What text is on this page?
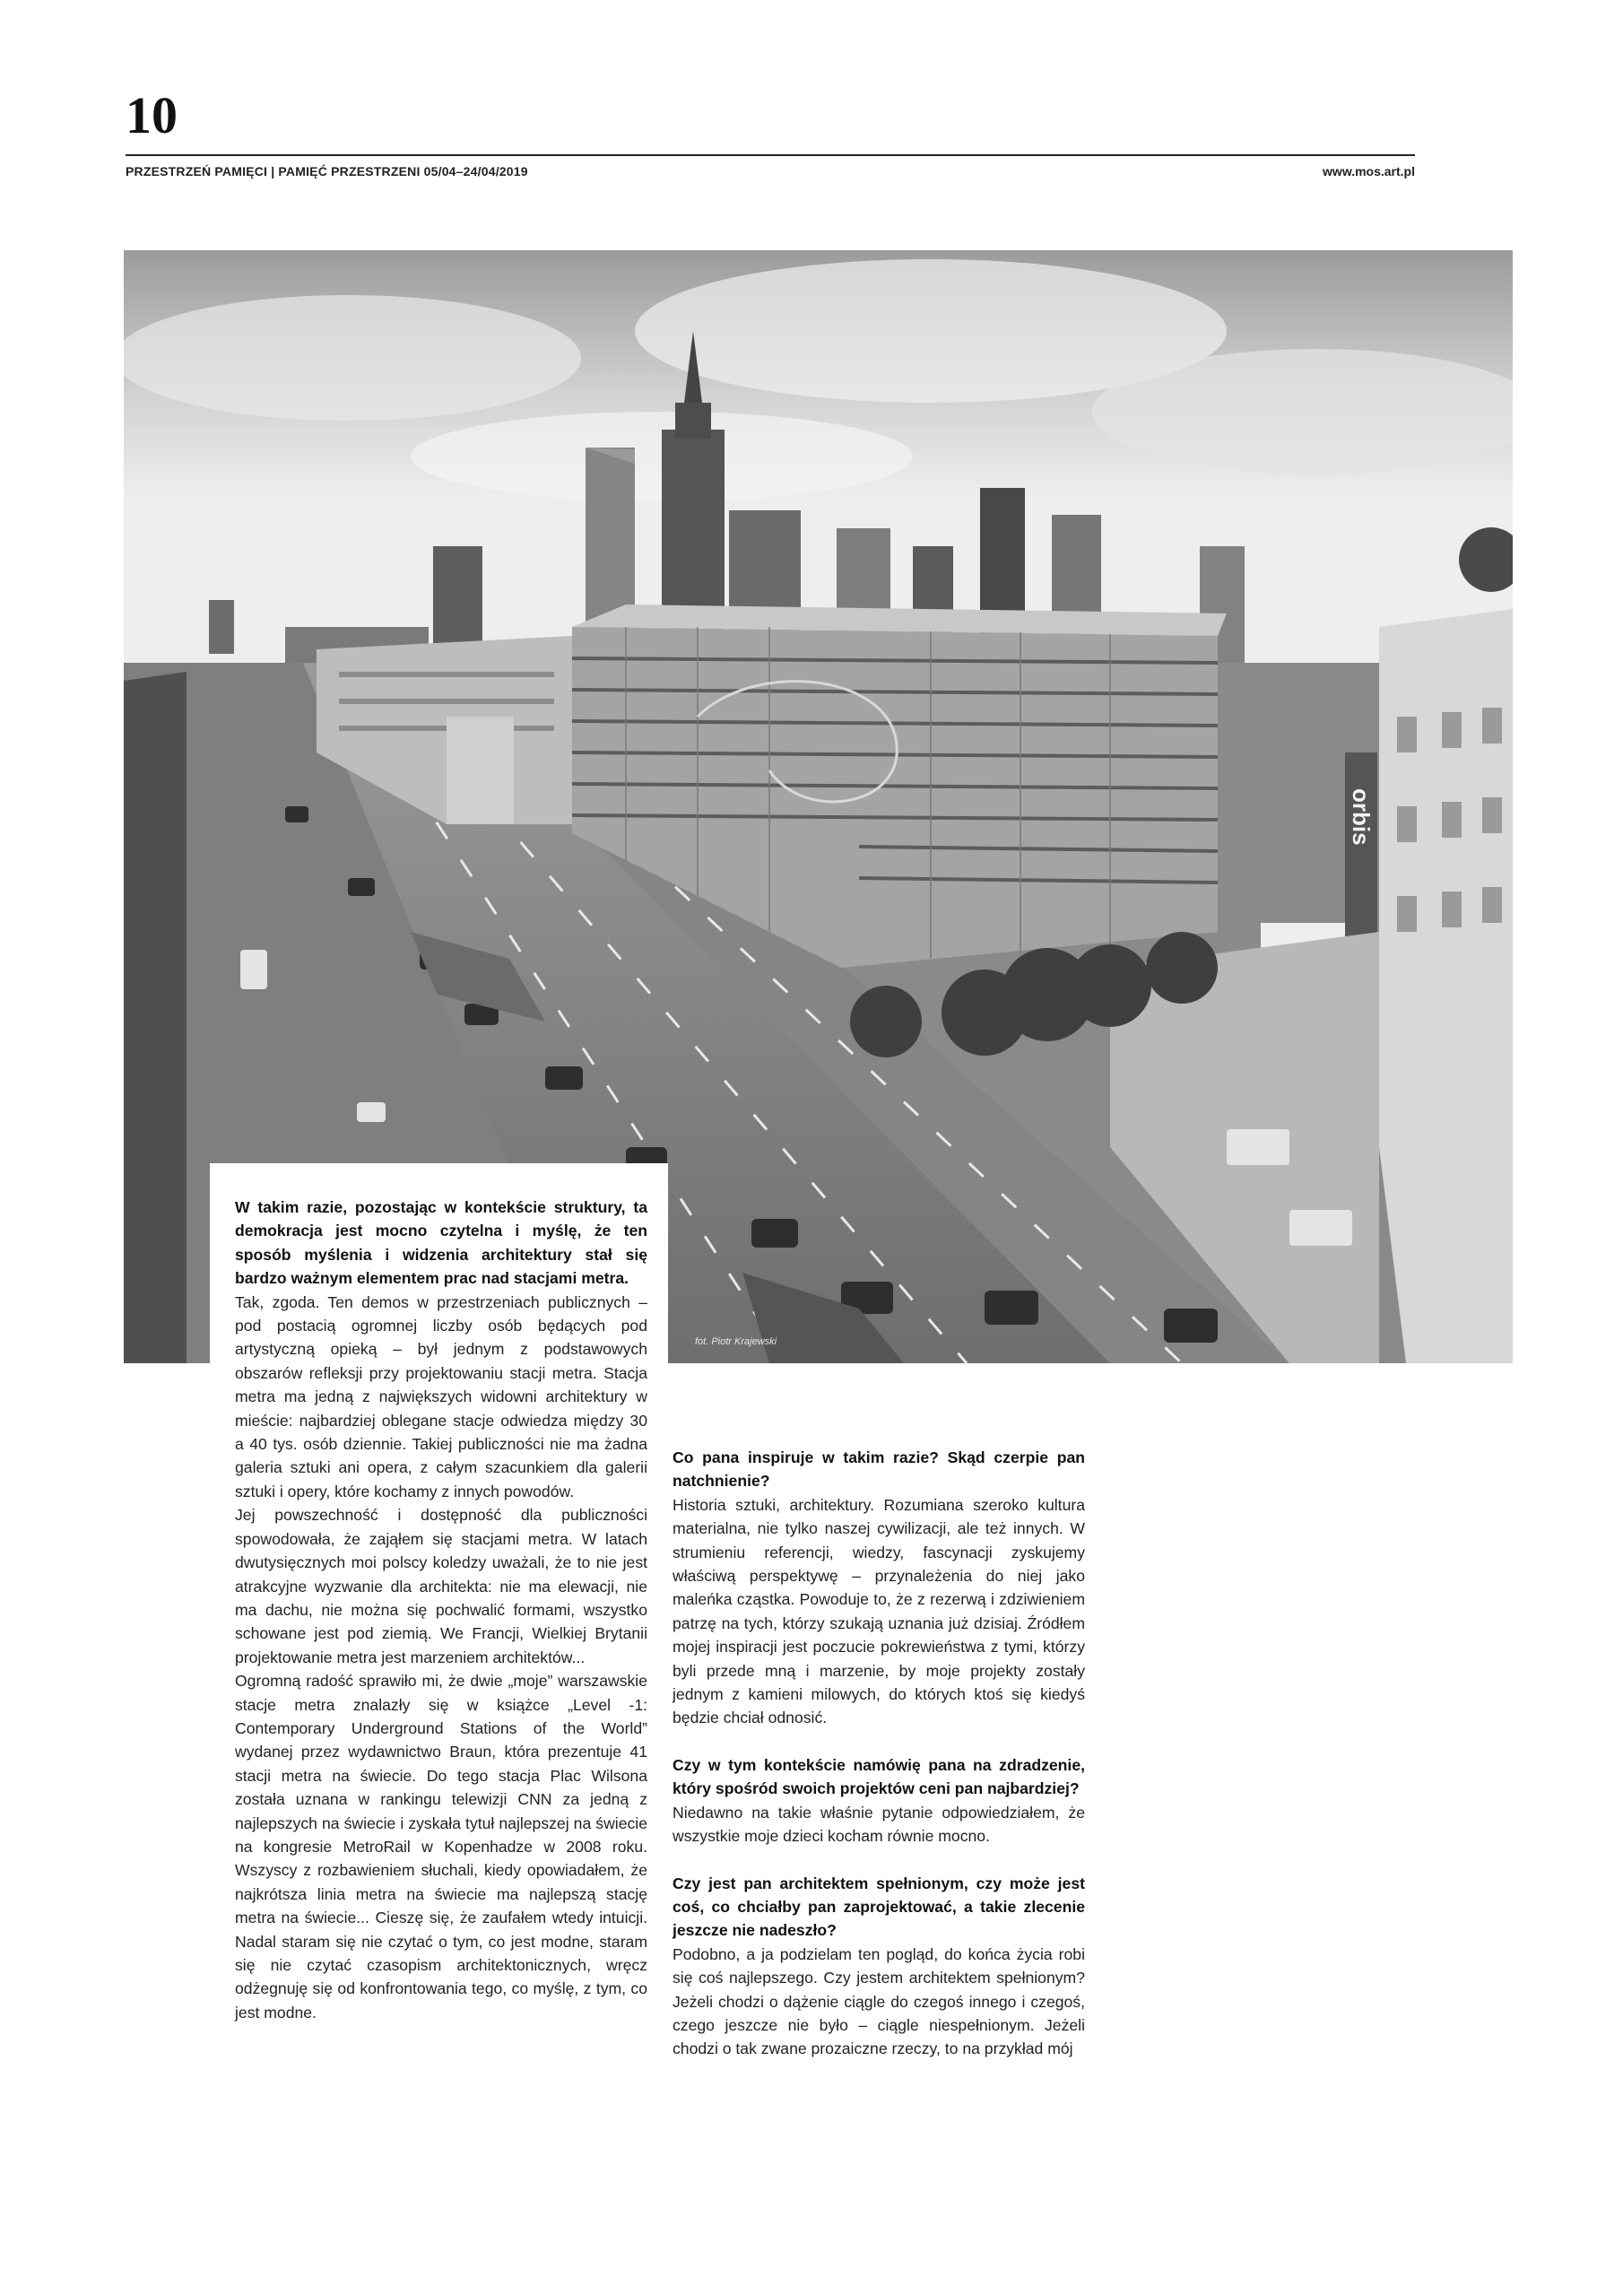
10
PRZESTRZEŃ PAMIĘCI | PAMIĘĆ PRZESTRZENI 05/04–24/04/2019	www.mos.art.pl
orbis
fot. Piotr Krajewski

W takim razie, pozostając w kontekście struktury, ta demokracja jest mocno czytelna i myślę, że ten sposób myślenia i widzenia architektury stał się bardzo ważnym elementem prac nad stacjami metra.

Tak, zgoda. Ten demos w przestrzeniach publicznych – pod postacią ogromnej liczby osób będących pod artystyczną opieką – był jednym z podstawowych obszarów refleksji przy projektowaniu stacji metra. Stacja metra ma jedną z największych widowni architektury w mieście: najbardziej oblegane stacje odwiedza między 30 a 40 tys. osób dziennie. Takiej publiczności nie ma żadna galeria sztuki ani opera, z całym szacunkiem dla galerii sztuki i opery, które kochamy z innych powodów.

Jej powszechność i dostępność dla publiczności spowodowała, że zająłem się stacjami metra. W latach dwutysięcznych moi polscy koledzy uważali, że to nie jest atrakcyjne wyzwanie dla architekta: nie ma elewacji, nie ma dachu, nie można się pochwalić formami, wszystko schowane jest pod ziemią. We Francji, Wielkiej Brytanii projektowanie metra jest marzeniem architektów...

Ogromną radość sprawiło mi, że dwie „moje” warszawskie stacje metra znalazły się w książce „Level -1: Contemporary Underground Stations of the World” wydanej przez wydawnictwo Braun, która prezentuje 41 stacji metra na świecie. Do tego stacja Plac Wilsona została uznana w rankingu telewizji CNN za jedną z najlepszych na świecie i zyskała tytuł najlepszej na świecie na kongresie MetroRail w Kopenhadze w 2008 roku. Wszyscy z rozbawieniem słuchali, kiedy opowiadałem, że najkrótsza linia metra na świecie ma najlepszą stację metra na świecie... Cieszę się, że zaufałem wtedy intuicji. Nadal staram się nie czytać o tym, co jest modne, staram się nie czytać czasopism architektonicznych, wręcz odżegnuję się od konfrontowania tego, co myślę, z tym, co jest modne.

Co pana inspiruje w takim razie? Skąd czerpie pan natchnienie?

Historia sztuki, architektury. Rozumiana szeroko kultura materialna, nie tylko naszej cywilizacji, ale też innych. W strumieniu referencji, wiedzy, fascynacji zyskujemy właściwą perspektywę – przynależenia do niej jako maleńka cząstka. Powoduje to, że z rezerwą i zdziwieniem patrzę na tych, którzy szukają uznania już dzisiaj. Źródłem mojej inspiracji jest poczucie pokrewieństwa z tymi, którzy byli przede mną i marzenie, by moje projekty zostały jednym z kamieni milowych, do których ktoś się kiedyś będzie chciał odnosić.

Czy w tym kontekście namówię pana na zdradzenie, który spośród swoich projektów ceni pan najbardziej?

Niedawno na takie właśnie pytanie odpowiedziałem, że wszystkie moje dzieci kocham równie mocno.

Czy jest pan architektem spełnionym, czy może jest coś, co chciałby pan zaprojektować, a takie zlecenie jeszcze nie nadeszło?

Podobno, a ja podzielam ten pogląd, do końca życia robi się coś najlepszego. Czy jestem architektem spełnionym? Jeżeli chodzi o dążenie ciągle do czegoś innego i czegoś, czego jeszcze nie było – ciągle niespełnionym. Jeżeli chodzi o tak zwane prozaiczne rzeczy, to na przykład mój
